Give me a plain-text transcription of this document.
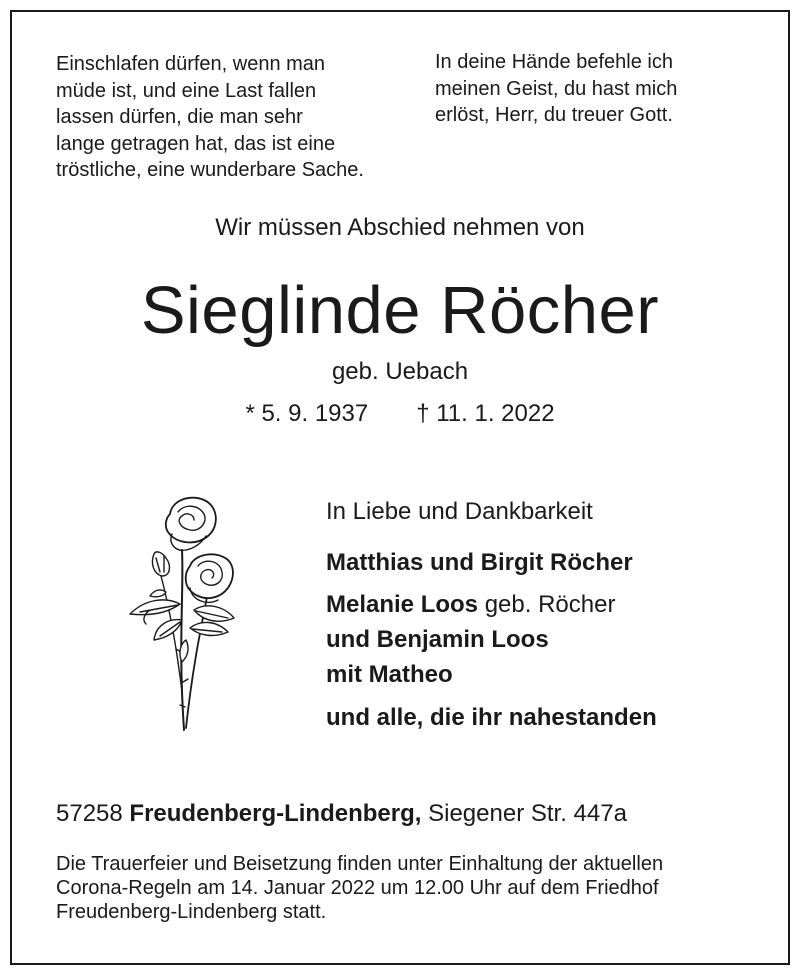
Einschlafen dürfen, wenn man
müde ist, und eine Last fallen
lassen dürfen, die man sehr
lange getragen hat, das ist eine
tröstliche, eine wunderbare Sache.
In deine Hände befehle ich
meinen Geist, du hast mich
erlöst, Herr, du treuer Gott.
Wir müssen Abschied nehmen von
Sieglinde Röcher
geb. Uebach
* 5. 9. 1937 † 11. 1. 2022
In Liebe und Dankbarkeit
Matthias und Birgit Röcher
Melanie Loos geb. Röcher
und Benjamin Loos
mit Matheo
und alle, die ihr nahestanden
57258 Freudenberg-Lindenberg, Siegener Str. 447a
Die Trauerfeier und Beisetzung finden unter Einhaltung der aktuellen
Corona-Regeln am 14. Januar 2022 um 12.00 Uhr auf dem Friedhof
Freudenberg-Lindenberg statt.
